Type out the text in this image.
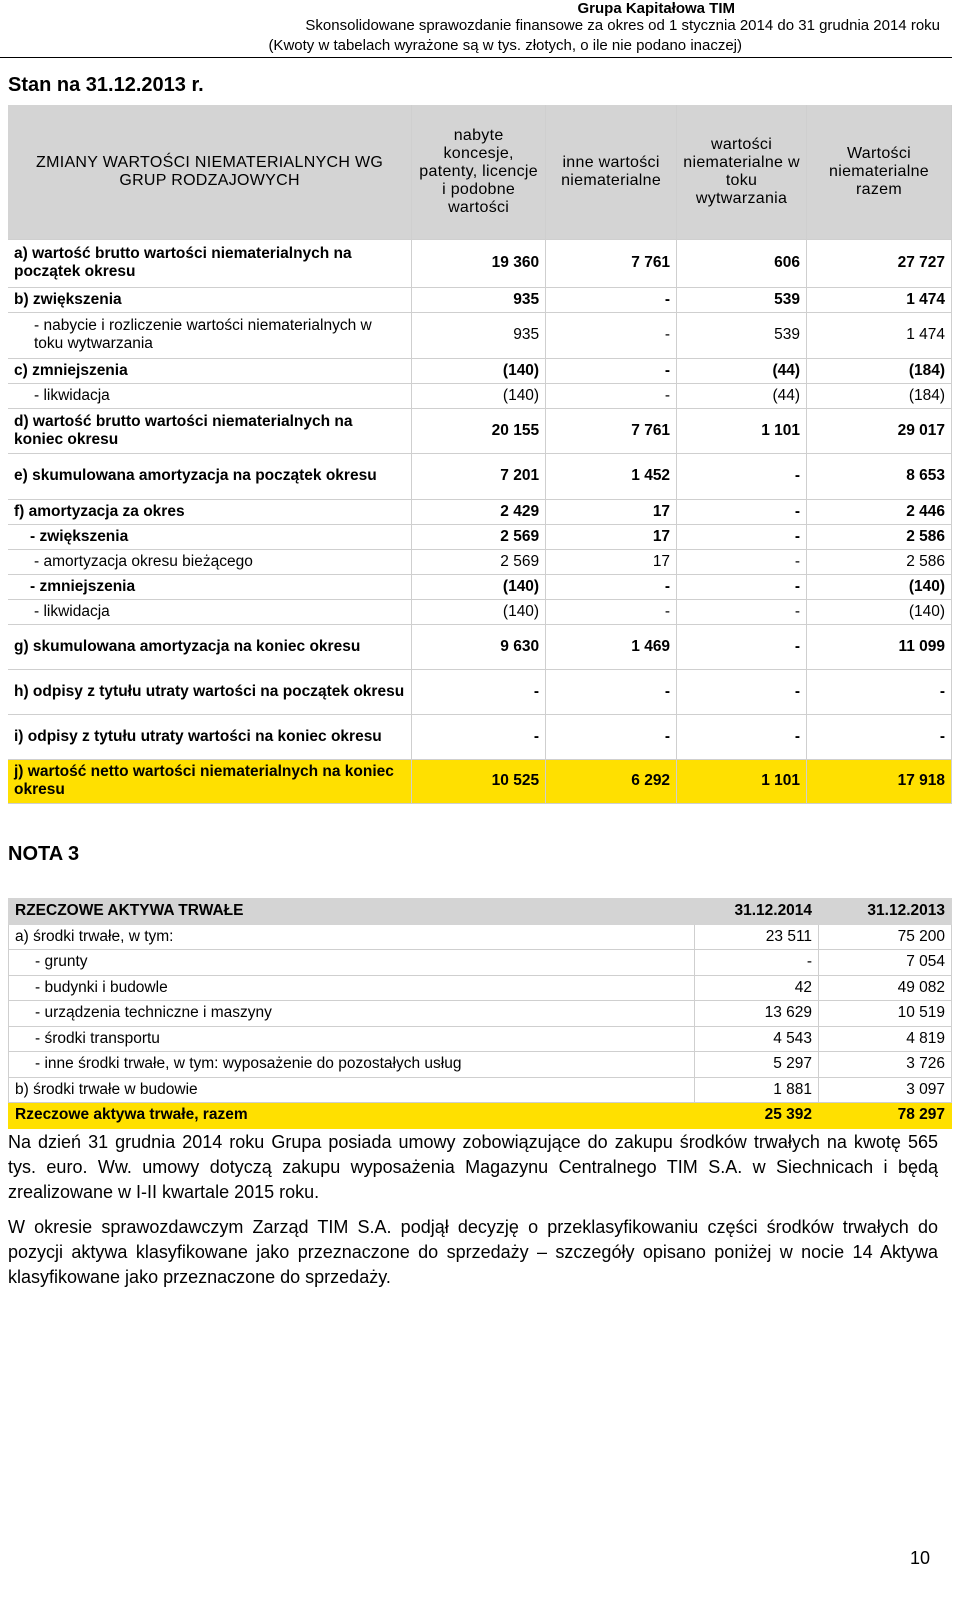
Grupa Kapitałowa TIM
Skonsolidowane sprawozdanie finansowe za okres od 1 stycznia 2014 do 31 grudnia 2014 roku
(Kwoty w tabelach wyrażone są w tys. złotych, o ile nie podano inaczej)
Stan na 31.12.2013 r.
ZMIANY WARTOŚCI NIEMATERIALNYCH WG GRUP RODZAJOWYCH	nabyte koncesje, patenty, licencje i podobne wartości	inne wartości niematerialne	wartości niematerialne w toku wytwarzania	Wartości niematerialne razem
a) wartość brutto wartości niematerialnych na początek okresu	19 360	7 761	606	27 727
b) zwiększenia	935	-	539	1 474
- nabycie i rozliczenie wartości niematerialnych w toku wytwarzania	935	-	539	1 474
c) zmniejszenia	(140)	-	(44)	(184)
- likwidacja	(140)	-	(44)	(184)
d) wartość brutto wartości niematerialnych na koniec okresu	20 155	7 761	1 101	29 017
e) skumulowana amortyzacja na początek okresu	7 201	1 452	-	8 653
f) amortyzacja za okres	2 429	17	-	2 446
- zwiększenia	2 569	17	-	2 586
- amortyzacja okresu bieżącego	2 569	17	-	2 586
- zmniejszenia	(140)	-	-	(140)
- likwidacja	(140)	-	-	(140)
g) skumulowana amortyzacja na koniec okresu	9 630	1 469	-	11 099
h) odpisy z tytułu utraty wartości na początek okresu	-	-	-	-
i) odpisy z tytułu utraty wartości na koniec okresu	-	-	-	-
j) wartość netto wartości niematerialnych na koniec okresu	10 525	6 292	1 101	17 918
NOTA 3
RZECZOWE AKTYWA TRWAŁE	31.12.2014	31.12.2013
a) środki trwałe, w tym:	23 511	75 200
- grunty	-	7 054
- budynki i budowle	42	49 082
- urządzenia techniczne i maszyny	13 629	10 519
- środki transportu	4 543	4 819
- inne środki trwałe, w tym: wyposażenie do pozostałych usług	5 297	3 726
b) środki trwałe w budowie	1 881	3 097
Rzeczowe aktywa trwałe, razem	25 392	78 297
Na dzień 31 grudnia 2014 roku Grupa posiada umowy zobowiązujące do zakupu środków trwałych na kwotę 565 tys. euro. Ww. umowy dotyczą zakupu wyposażenia Magazynu Centralnego TIM S.A. w Siechnicach i będą zrealizowane w I-II kwartale 2015 roku.
W okresie sprawozdawczym Zarząd TIM S.A. podjął decyzję o przeklasyfikowaniu części środków trwałych do pozycji aktywa klasyfikowane jako przeznaczone do sprzedaży – szczegóły opisano poniżej w nocie 14 Aktywa klasyfikowane jako przeznaczone do sprzedaży.
10
